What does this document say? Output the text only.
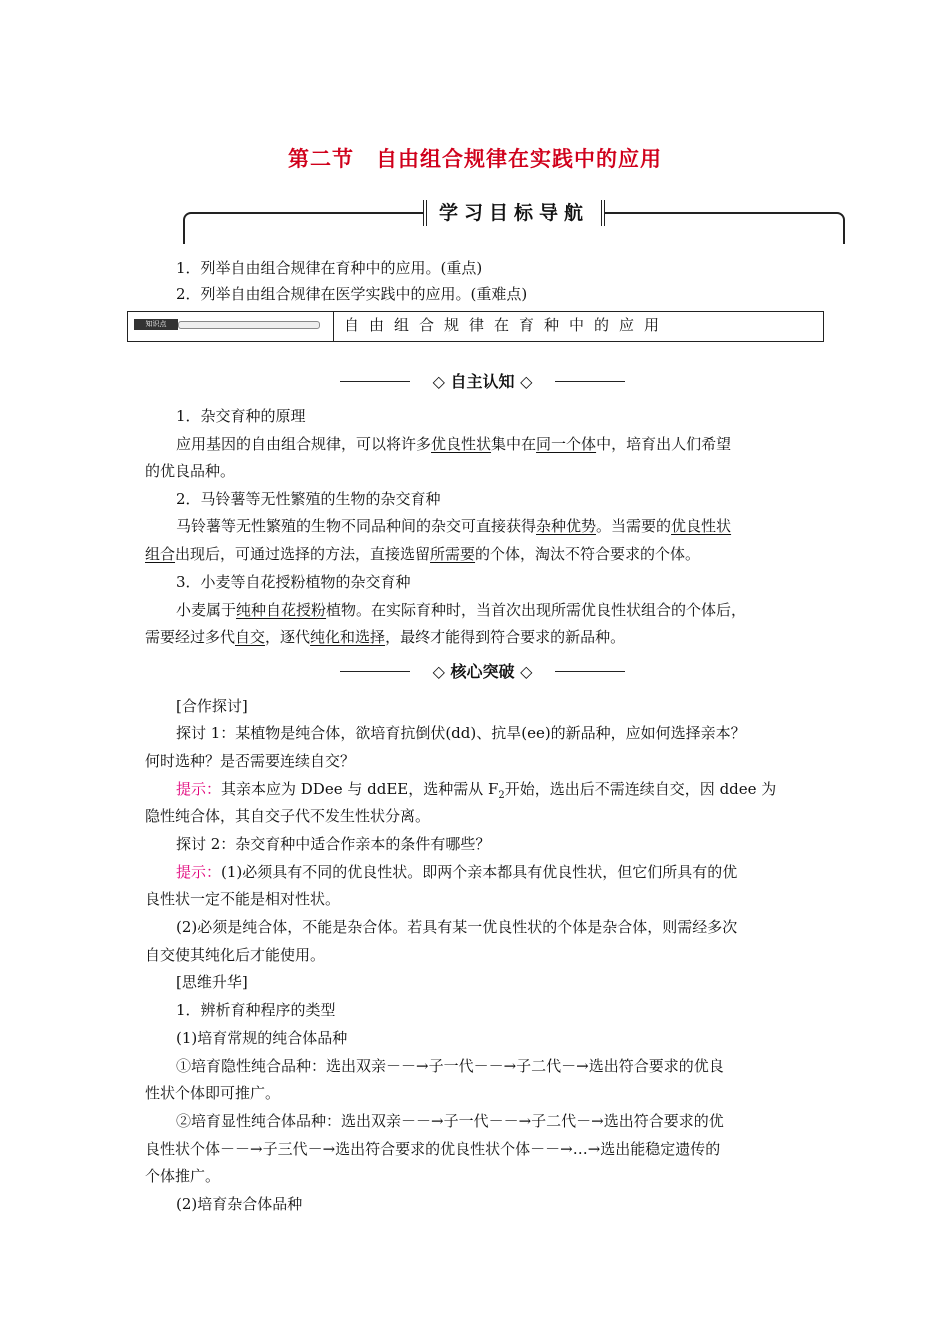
第二节　自由组合规律在实践中的应用
学习目标导航
1．列举自由组合规律在育种中的应用。(重点)
2．列举自由组合规律在医学实践中的应用。(重难点)
知识点	自由组合规律在育种中的应用
◇ 自主认知 ◇
1．杂交育种的原理
应用基因的自由组合规律，可以将许多优良性状集中在同一个体中，培育出人们希望
的优良品种。
2．马铃薯等无性繁殖的生物的杂交育种
马铃薯等无性繁殖的生物不同品种间的杂交可直接获得杂种优势。当需要的优良性状
组合出现后，可通过选择的方法，直接选留所需要的个体，淘汰不符合要求的个体。
3．小麦等自花授粉植物的杂交育种
小麦属于纯种自花授粉植物。在实际育种时，当首次出现所需优良性状组合的个体后，
需要经过多代自交，逐代纯化和选择，最终才能得到符合要求的新品种。
◇ 核心突破 ◇
[合作探讨]
探讨 1：某植物是纯合体，欲培育抗倒伏(dd)、抗旱(ee)的新品种，应如何选择亲本？
何时选种？是否需要连续自交？
提示：其亲本应为 DDee 与 ddEE，选种需从 $F_2$开始，选出后不需连续自交，因 ddee 为
隐性纯合体，其自交子代不发生性状分离。
探讨 2：杂交育种中适合作亲本的条件有哪些？
提示：(1)必须具有不同的优良性状。即两个亲本都具有优良性状，但它们所具有的优
良性状一定不能是相对性状。
(2)必须是纯合体，不能是杂合体。若具有某一优良性状的个体是杂合体，则需经多次
自交使其纯化后才能使用。
[思维升华]
1．辨析育种程序的类型
(1)培育常规的纯合体品种
①培育隐性纯合品种：选出双亲－－→子一代－－→子二代－→选出符合要求的优良
性状个体即可推广。
②培育显性纯合体品种：选出双亲－－→子一代－－→子二代－→选出符合要求的优
良性状个体－－→子三代－→选出符合要求的优良性状个体－－→…→选出能稳定遗传的
个体推广。
(2)培育杂合体品种
